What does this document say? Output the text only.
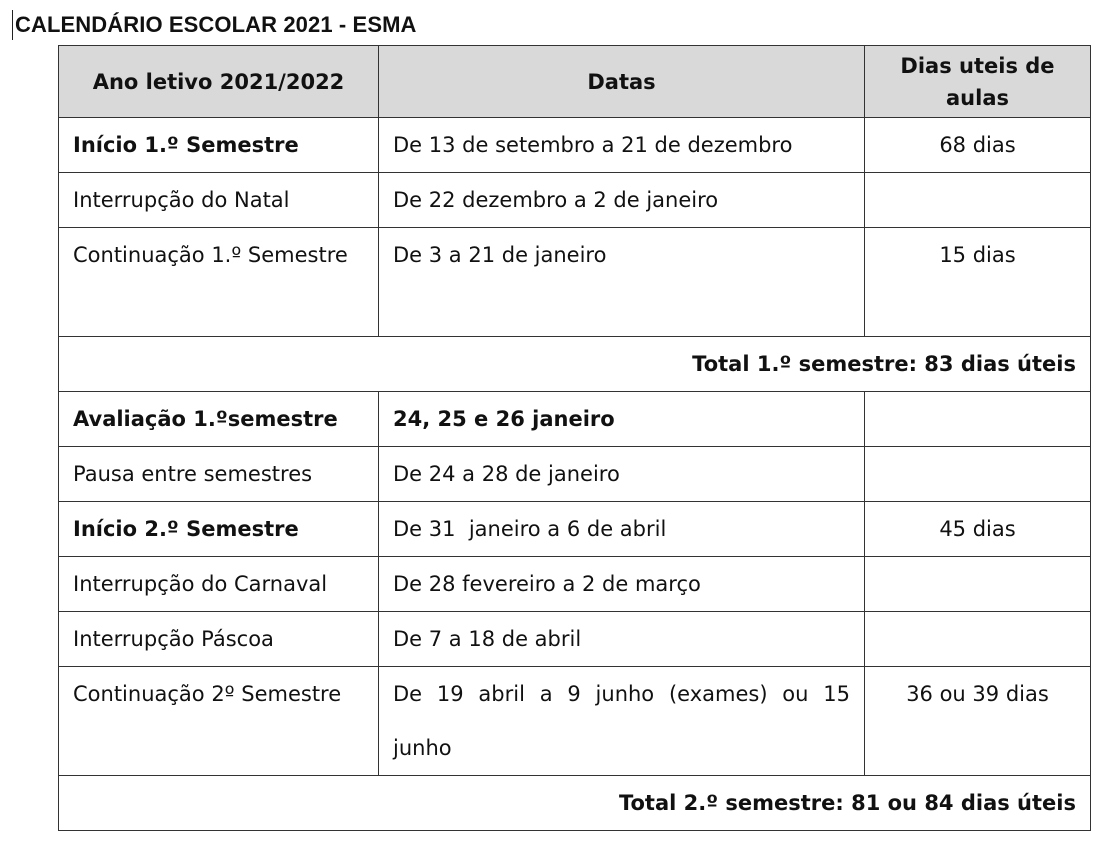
CALENDÁRIO ESCOLAR 2021 - ESMA
Ano letivo 2021/2022	Datas	Dias uteis de aulas
Início 1.º Semestre	De 13 de setembro a 21 de dezembro	68 dias
Interrupção do Natal	De 22 dezembro a 2 de janeiro	
Continuação 1.º Semestre	De 3 a 21 de janeiro	15 dias
Total 1.º semestre: 83 dias úteis		
Avaliação 1.ºsemestre	24, 25 e 26 janeiro	
Pausa entre semestres	De 24 a 28 de janeiro	
Início 2.º Semestre	De 31  janeiro a 6 de abril	45 dias
Interrupção do Carnaval	De 28 fevereiro a 2 de março	
Interrupção Páscoa	De 7 a 18 de abril	
Continuação 2º Semestre	De 19 abril a 9 junho (exames) ou 15 junho	36 ou 39 dias
Total 2.º semestre: 81 ou 84 dias úteis		
